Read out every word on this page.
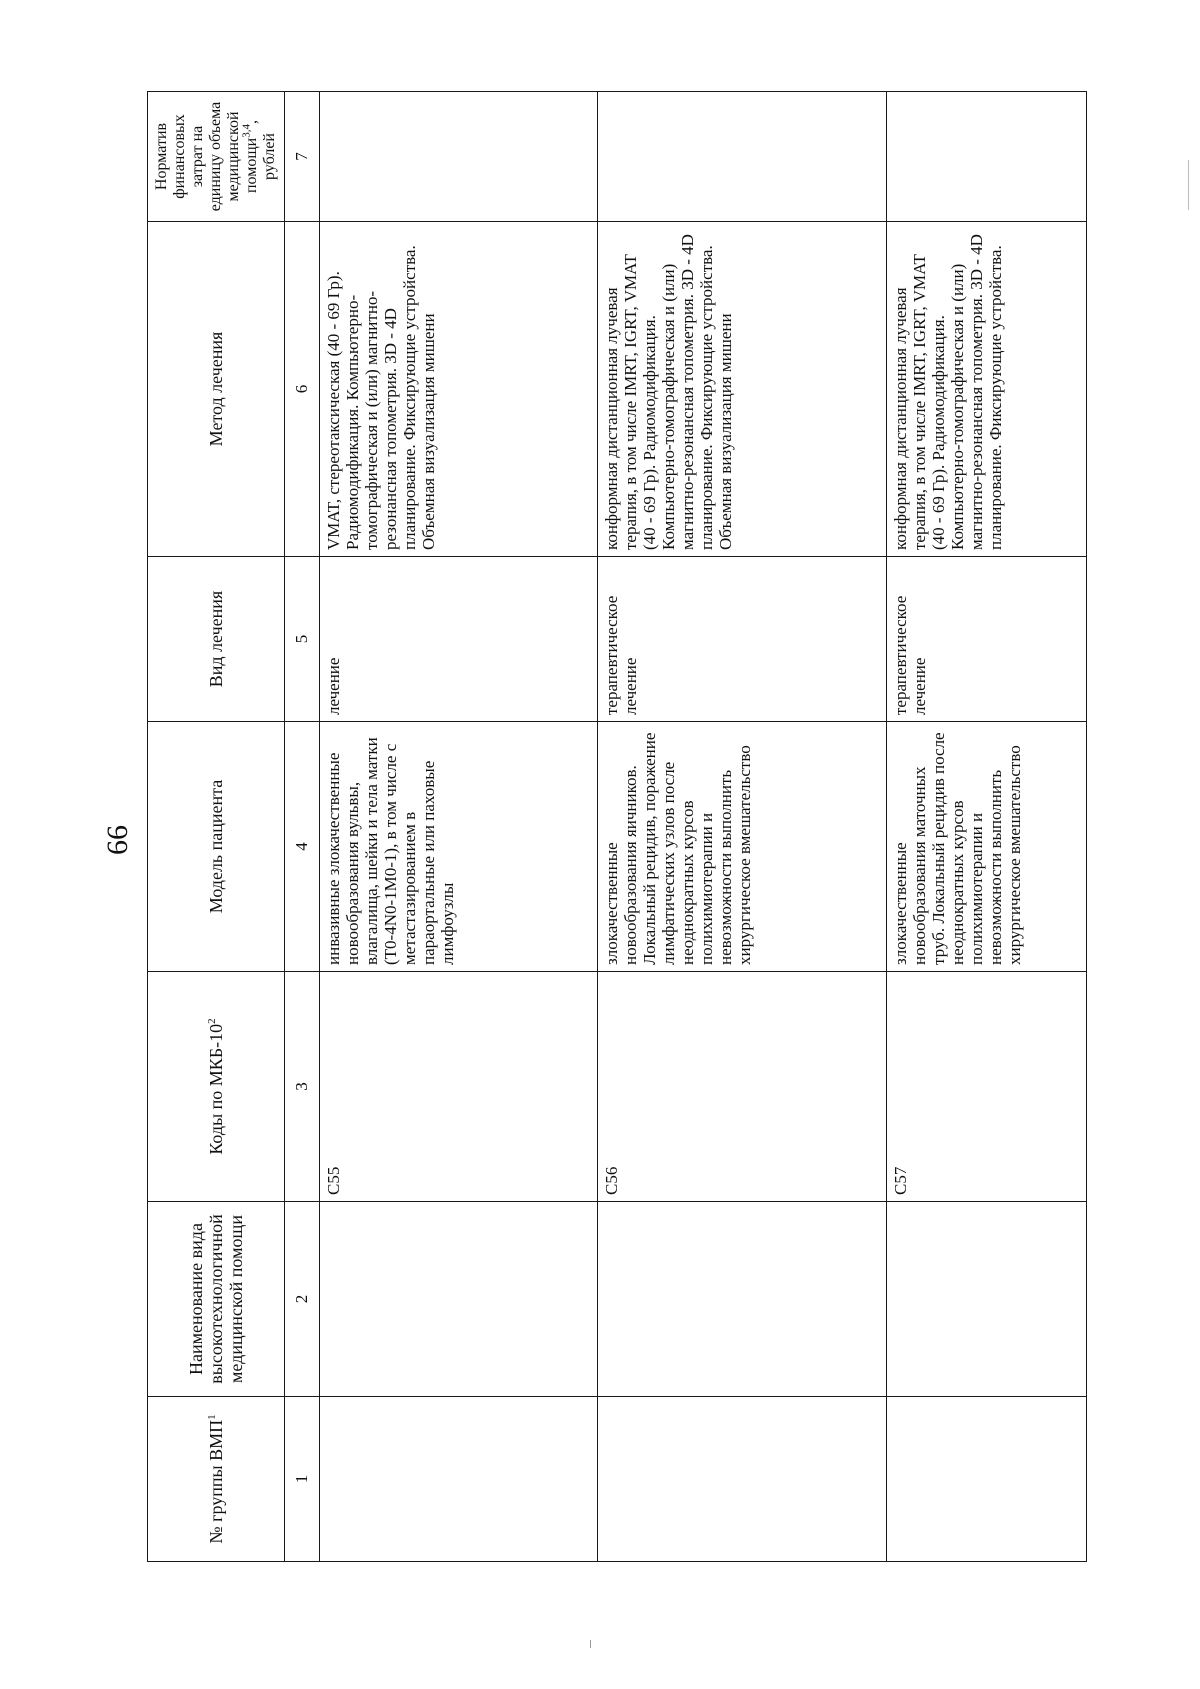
66
№ группы ВМП$^1$	Наименование вида высокотехнологичной медицинской помощи	Коды по МКБ-$10^2$	Модель пациента	Вид лечения	Метод лечения	Норматив финансовых затрат на единицу объема медицинской помощи$^{3,4}$, рублей
1	2	3	4	5	6	7
		C55	инвазивные злокачественные новообразования вульвы, влагалища, шейки и тела матки (T0-4N0-1M0-1), в том числе с метастазированием в параортальные или паховые лимфоузлы	лечение	VMAT, стереотаксическая (40 - 69 Гр). Радиомодификация. Компьютерно-томографическая и (или) магнитно-резонансная топометрия. 3D - 4D планирование. Фиксирующие устройства. Объемная визуализация мишени	
		C56	злокачественные новообразования яичников. Локальный рецидив, поражение лимфатических узлов после неоднократных курсов полихимиотерапии и невозможности выполнить хирургическое вмешательство	терапевтическое лечение	конформная дистанционная лучевая терапия, в том числе IMRT, IGRT, VMAT (40 - 69 Гр). Радиомодификация. Компьютерно-томографическая и (или) магнитно-резонансная топометрия. 3D - 4D планирование. Фиксирующие устройства. Объемная визуализация мишени	
		C57	злокачественные новообразования маточных труб. Локальный рецидив после неоднократных курсов полихимиотерапии и невозможности выполнить хирургическое вмешательство	терапевтическое лечение	конформная дистанционная лучевая терапия, в том числе IMRT, IGRT, VMAT (40 - 69 Гр). Радиомодификация. Компьютерно-томографическая и (или) магнитно-резонансная топометрия. 3D - 4D планирование. Фиксирующие устройства.	
